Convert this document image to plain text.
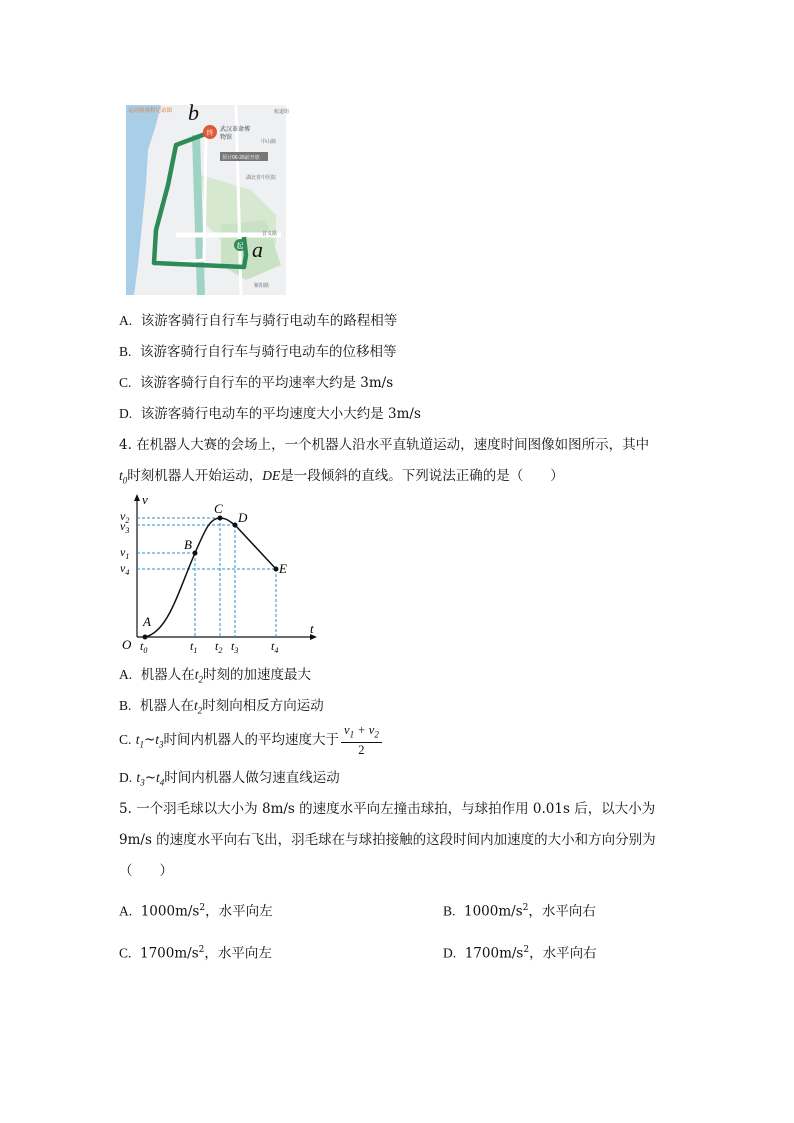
终
起
运动骑骑程记录图
武汉革命博
物馆
预计06-26前开放
航道街
中山路
湖北省中医院
首义路
紫阳路
b
a
A. 该游客骑行自行车与骑行电动车的路程相等
B. 该游客骑行自行车与骑行电动车的位移相等
C. 该游客骑行自行车的平均速率大约是 3m/s
D. 该游客骑行电动车的平均速度大小大约是 3m/s
4. 在机器人大赛的会场上，一个机器人沿水平直轨道运动，速度时间图像如图所示，其中
$t_0$时刻机器人开始运动，DE是一段倾斜的直线。下列说法正确的是（　　）
A
B
C
D
E
v
t
O
$v_2$
$v_3$
$v_1$
$v_4$
$t_0$	$t_1$ $t_2$ $t_3$	$t_4$
A. 机器人在$t_2$时刻的加速度最大
B. 机器人在$t_2$时刻向相反方向运动
C. $t_1\sim t_3$时间内机器人的平均速度大于 $\frac{v_1 + v_2}{2}$
D. $t_3\sim t_4$时间内机器人做匀速直线运动
5. 一个羽毛球以大小为 8m/s 的速度水平向左撞击球拍，与球拍作用 0.01s 后，以大小为
9m/s 的速度水平向右飞出，羽毛球在与球拍接触的这段时间内加速度的大小和方向分别为
（　　）
A. $1000m/s^2$，水平向左	B. $1000m/s^2$，水平向右
C. $1700m/s^2$，水平向左	D. $1700m/s^2$，水平向右
